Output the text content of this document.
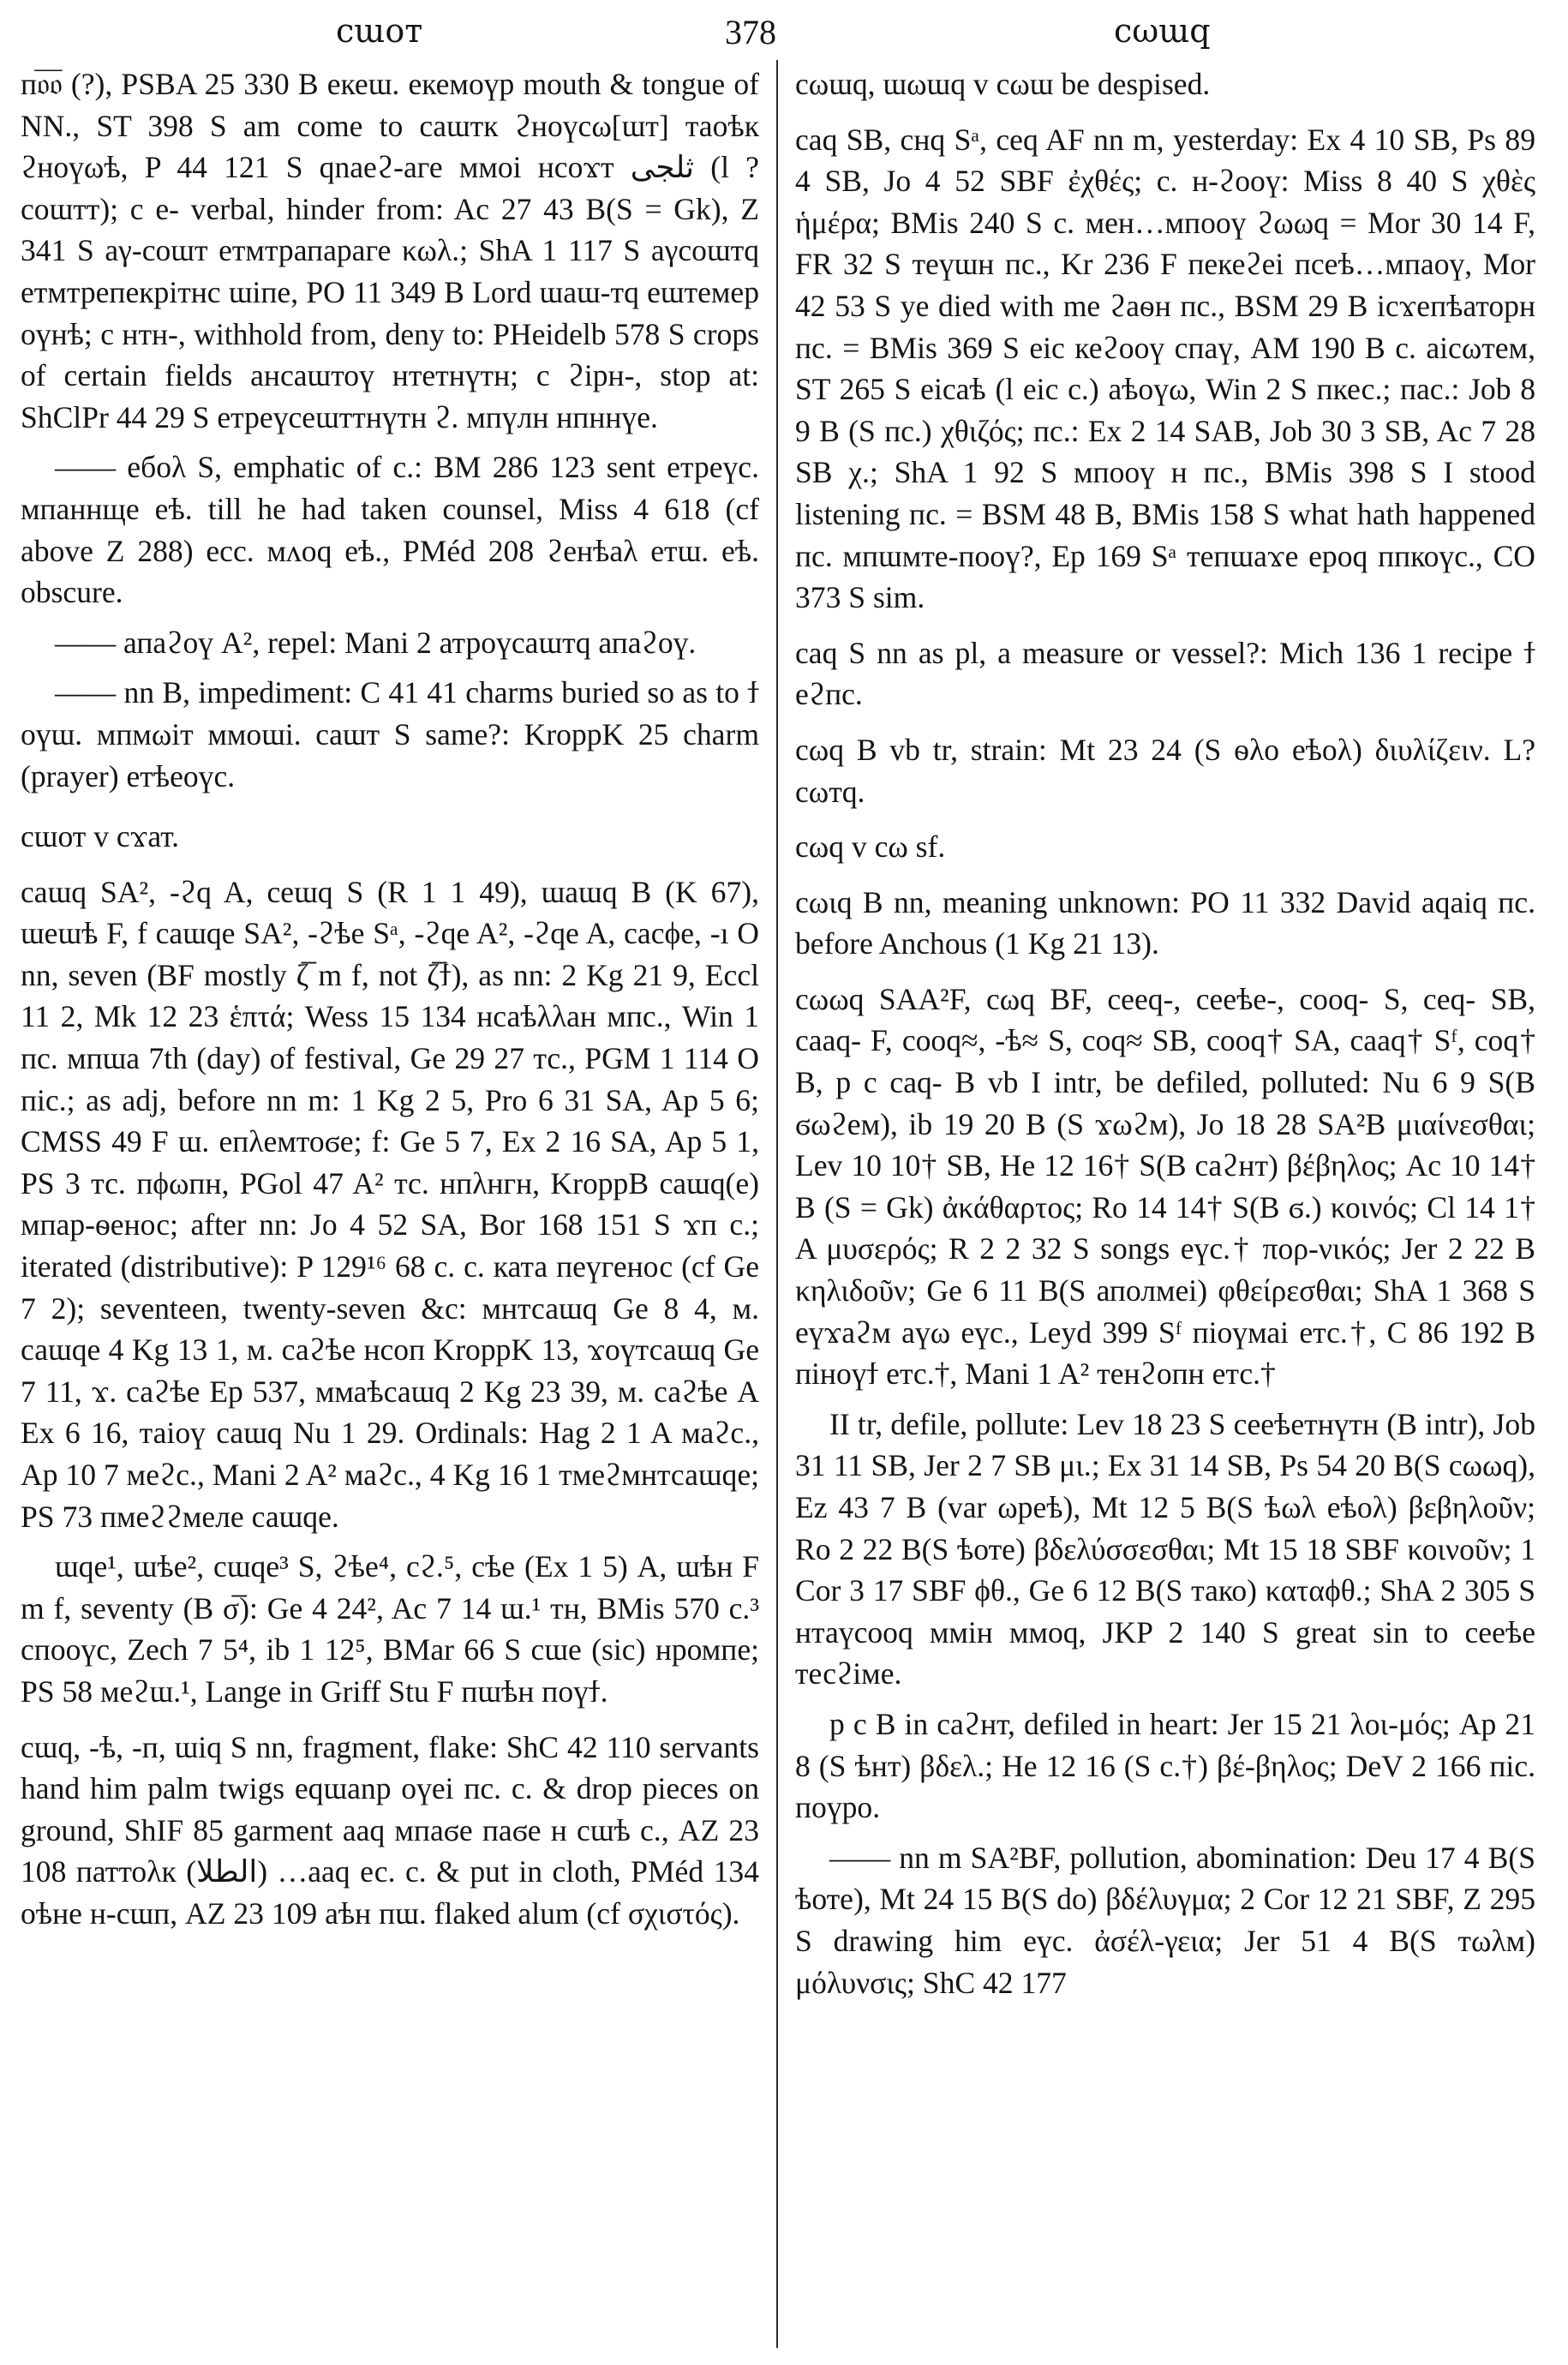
cɯот	378	cωɯq

п𝔬̅𝔬̅ (?), PSBA 25 330 B екеɯ. екемоүр mouth & tongue of NN., ST 398 S am come to caɯтк ϩноүcω[ɯт] таоѣк ϩноүωѣ, P 44 121 S qnaeϩ-аге ммоі нсоϫт ثلجى (l ? соɯтт); c e- verbal, hinder from: Ac 27 43 B(S = Gk), Z 341 S аγ-соɯт етмтрапараге κωλ.; ShA 1 117 S аγсоɯтq етмтрепекрітнс ɯіпе, PO 11 349 B Lord ɯаɯ-тq еɯтемер оүнѣ; c нтн-, withhold from, deny to: PHeidelb 578 S crops of certain fields анcаɯтоү нтетнүтн; c ϩірн-, stop at: ShClPr 44 29 S етреүcеɯттнүтн ϩ. мпүлн нпннүе.

—— eбоλ S, emphatic of c.: BM 286 123 sent етреүс. мпаннще еѣ. till he had taken counsel, Miss 4 618 (cf above Z 288) ecc. мʌоq еѣ., PMéd 208 ϩенѣаλ етɯ. еѣ. obscure.

—— апаϩоү A², repel: Mani 2 атроүcаɯтq апаϩоү.

—— nn B, impediment: C 41 41 charms buried so as to ϯ оүɯ. мпмωіт ммоɯі. caɯт S same?: KroppK 25 charm (prayer) етѣеоүс.

cɯот v cϫат.

caɯq SA², -ϩq A, ceɯq S (R 1 1 49), ɯаɯq B (K 67), ɯеɯѣ F, f caɯqe SA², -ϩѣе Sᵃ, -ϩqe A², -ϩqe A, cacϕe, -ı O nn, seven (BF mostly ζ̅ m f, not ζ̅ϯ), as nn: 2 Kg 21 9, Eccl 11 2, Mk 12 23 ἑπτά; Wess 15 134 нсаѣλλан мпс., Win 1 пс. мпɯа 7th (day) of festival, Ge 29 27 тс., PGM 1 114 O піс.; as adj, before nn m: 1 Kg 2 5, Pro 6 31 SA, Ap 5 6; CMSS 49 F ɯ. епλемтоϭе; f: Ge 5 7, Ex 2 16 SA, Ap 5 1, PS 3 тс. пϕωпн, PGol 47 A² тс. нпλнгн, KroppB caɯq(е) мпар-ѳенос; after nn: Jo 4 52 SA, Bor 168 151 S ϫп с.; iterated (distributive): P 129¹⁶ 68 с. с. ката пеүгенос (cf Ge 7 2); seventeen, twenty-seven &c: мнтсаɯq Ge 8 4, м. саɯqе 4 Kg 13 1, м. саϩѣе нсоп KroppK 13, ϫоүтсаɯq Ge 7 11, ϫ. саϩѣе Ep 537, ммаѣсаɯq 2 Kg 23 39, м. саϩѣе A Ex 6 16, таіоү саɯq Nu 1 29. Ordinals: Hag 2 1 A маϩс., Ap 10 7 меϩс., Mani 2 A² маϩс., 4 Kg 16 1 тмеϩмнтсаɯqе; PS 73 пмеϩϩмеле саɯqе.

ɯqe¹, ɯѣе², cɯqe³ S, ϩѣе⁴, cϩ.⁵, cѣе (Ex 1 5) A, ɯѣн F m f, seventy (B σ̅): Ge 4 24², Ac 7 14 ɯ.¹ тн, BMis 570 с.³ спооүс, Zech 7 5⁴, ib 1 12⁵, BMar 66 S cɯе (sic) нромпе; PS 58 меϩɯ.¹, Lange in Griff Stu F пɯѣн поүϯ.

cɯq, -ѣ, -п, ɯіq S nn, fragment, flake: ShC 42 110 servants hand him palm twigs еqɯаnр оүеі пс. c. & drop pieces on ground, ShIF 85 garment ааq мпаϭе паϭе н сɯѣ с., AZ 23 108 паттоλк (الطلا) …ааq ес. с. & put in cloth, PMéd 134 оѣне н-сɯп, AZ 23 109 аѣн пɯ. flaked alum (cf σχιστός).

cωɯq, ɯωɯq v cωɯ be despised.

caq SB, снq Sᵃ, ceq AF nn m, yesterday: Ex 4 10 SB, Ps 89 4 SB, Jo 4 52 SBF ἐχθές; с. н-ϩооү: Miss 8 40 S χθὲς ἡμέρα; BMis 240 S с. мен…мпооү ϩωωq = Mor 30 14 F, FR 32 S теүɯн пс., Kr 236 F пекеϩеі пceѣ…мпаоү, Mor 42 53 S ye died with me ϩаѳн пс., BSM 29 B icϫепѣаторн пс. = BMis 369 S eic кеϩооү cпаү, AM 190 B с. аіcωтем, ST 265 S eicaѣ (l eic с.) аѣоүω, Win 2 S пкес.; пас.: Job 8 9 B (S пс.) χθιζός; пс.: Ex 2 14 SAB, Job 30 3 SB, Ac 7 28 SB χ.; ShA 1 92 S мпооү н пс., BMis 398 S I stood listening пс. = BSM 48 B, BMis 158 S what hath happened пс. мпɯмте-пооү?, Ep 169 Sᵃ тепɯаϫе ероq ппкоүс., CO 373 S sim.

caq S nn as pl, a measure or vessel?: Mich 136 1 recipe ϯ еϩпс.

cωq B vb tr, strain: Mt 23 24 (S ѳλо еѣоλ) διυλίζειν. L? cωтq.

cωq v cω sf.

cωιq B nn, meaning unknown: PO 11 332 David аqаіq пс. before Anchous (1 Kg 21 13).

cωωq SAA²F, cωq BF, ceeq-, ceeѣе-, cooq- S, ceq- SB, caaq- F, cooq≈, -ѣ≈ S, coq≈ SB, cooq† SA, caaq† Sᶠ, coq† B, p c caq- B vb I intr, be defiled, polluted: Nu 6 9 S(B ϭωϩем), ib 19 20 B (S ϫωϩм), Jo 18 28 SA²B μιαίνεσθαι; Lev 10 10† SB, He 12 16† S(B caϩнт) βέβηλος; Ac 10 14† B (S = Gk) ἀκάθαρτος; Ro 14 14† S(B ϭ.) κοινός; Cl 14 1† A μυσερός; R 2 2 32 S songs еүс.† πορ-νικός; Jer 2 22 B κηλιδοῦν; Ge 6 11 B(S аполмеі) φθείρεσθαι; ShA 1 368 S еүϫаϩм аүω еүс., Leyd 399 Sᶠ піоүмаі етс.†, C 86 192 B піноүϯ етс.†, Mani 1 A² тенϩопн етс.†

II tr, defile, pollute: Lev 18 23 S ceeѣетнүтн (B intr), Job 31 11 SB, Jer 2 7 SB μι.; Ex 31 14 SB, Ps 54 20 B(S cωωq), Ez 43 7 B (var ωреѣ), Mt 12 5 B(S ѣωλ еѣоλ) βεβηλοῦν; Ro 2 22 B(S ѣоте) βδελύσσεσθαι; Mt 15 18 SBF κοινοῦν; 1 Cor 3 17 SBF ϕθ., Ge 6 12 B(S тако) καταϕθ.; ShA 2 305 S нтаүcooq ммін ммоq, JKP 2 140 S great sin to ceeѣе тесϩімe.

p c B in caϩнт, defiled in heart: Jer 15 21 λοι-μός; Ap 21 8 (S ѣнт) βδελ.; He 12 16 (S с.†) βέ-βηλος; DeV 2 166 піс. поүро.

—— nn m SA²BF, pollution, abomination: Deu 17 4 B(S ѣоте), Mt 24 15 B(S do) βδέλυγμα; 2 Cor 12 21 SBF, Z 295 S drawing him еүс. ἀσέλ-γεια; Jer 51 4 B(S тωλм) μόλυνσις; ShC 42 177
